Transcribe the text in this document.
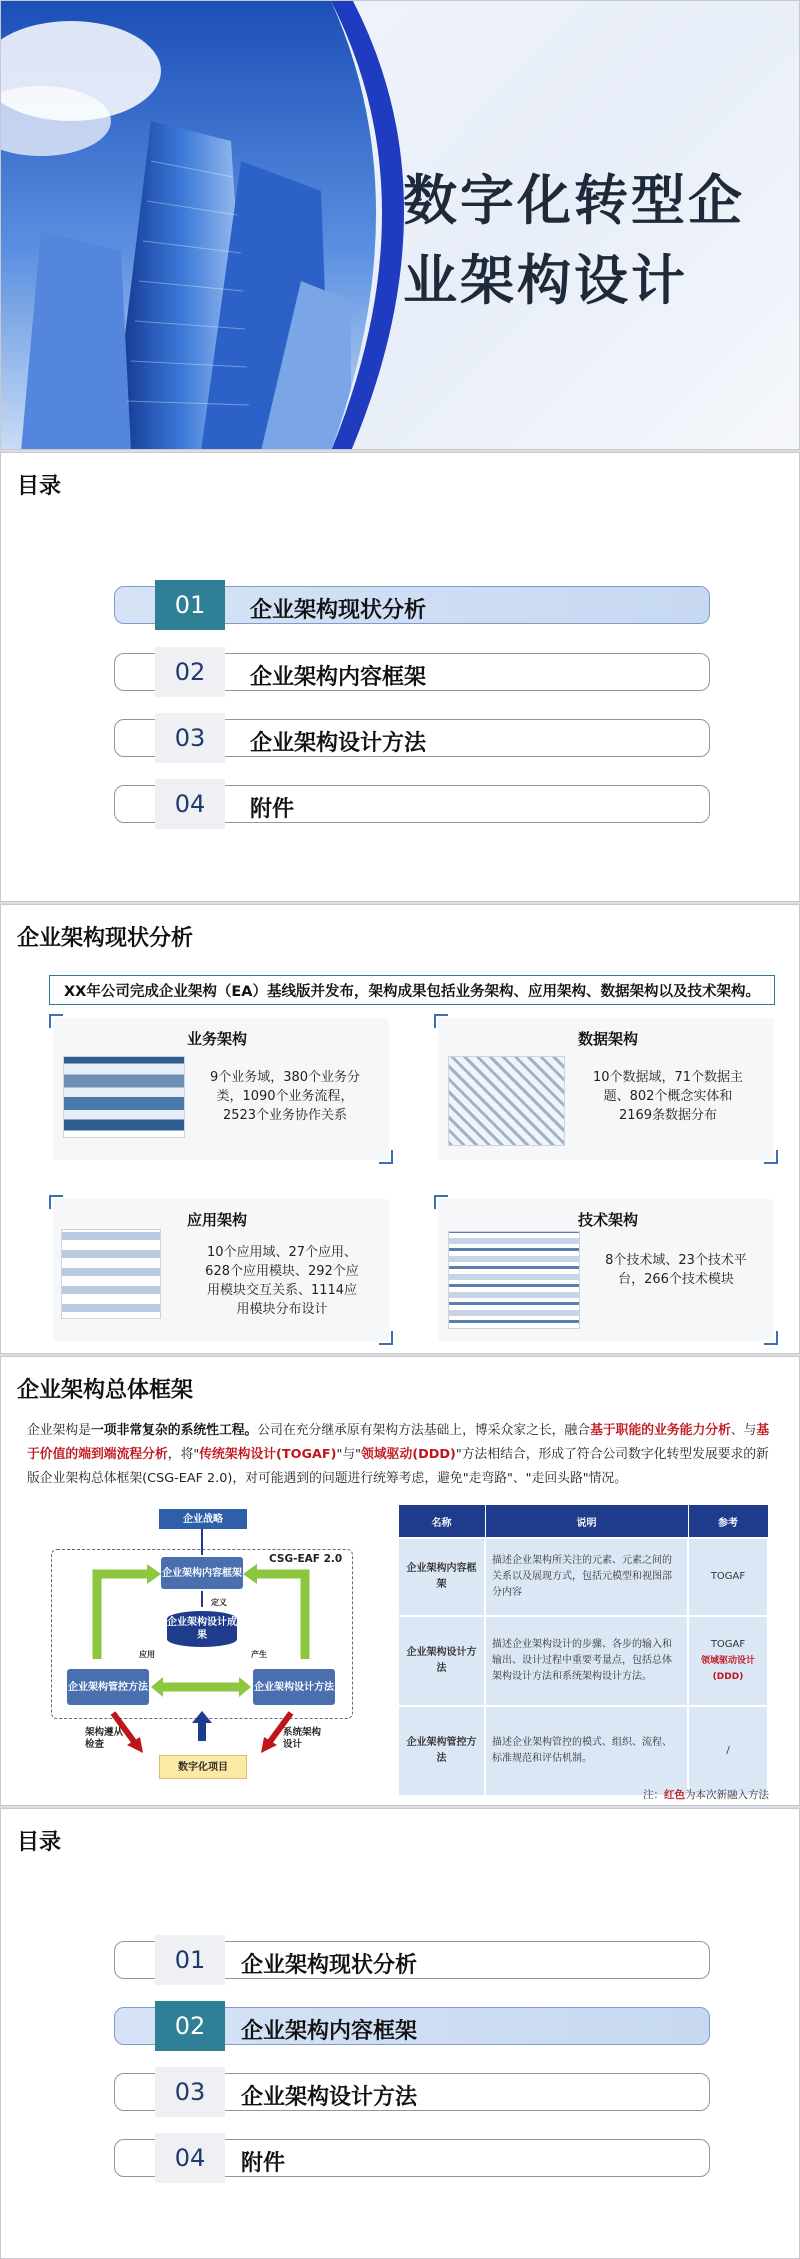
数字化转型企
业架构设计
目录
01	企业架构现状分析
02	企业架构内容框架
03	企业架构设计方法
04	附件
企业架构现状分析
XX年公司完成企业架构（EA）基线版并发布，架构成果包括业务架构、应用架构、数据架构以及技术架构。
业务架构
9个业务域，380个业务分
类，1090个业务流程，
2523个业务协作关系
数据架构
10个数据域，71个数据主
题、802个概念实体和
2169条数据分布
应用架构
10个应用域、27个应用、
628个应用模块、292个应
用模块交互关系、1114应
用模块分布设计
技术架构
8个技术域、23个技术平
台，266个技术模块
企业架构总体框架
企业架构是一项非常复杂的系统性工程。公司在充分继承原有架构方法基础上，博采众家之长，融合基于职能的业务能力分析、与基于价值的端到端流程分析，将"传统架构设计(TOGAF)"与"领域驱动(DDD)"方法相结合，形成了符合公司数字化转型发展要求的新版企业架构总体框架(CSG-EAF 2.0)，对可能遇到的问题进行统筹考虑，避免"走弯路"、"走回头路"情况。
企业战略
CSG-EAF 2.0
企业架构内容框架
定义
企业架构设计成果
应用	产生
企业架构管控方法	企业架构设计方法
架构遵从检查
系统架构设计
数字化项目
名称	说明	参考
企业架构内容框架	描述企业架构所关注的元素、元素之间的关系以及展现方式，包括元模型和视图部分内容	TOGAF

企业架构设计方法	描述企业架构设计的步骤、各步的输入和输出、设计过程中重要考量点，包括总体架构设计方法和系统架构设计方法。	TOGAF
领域驱动设计(DDD)

企业架构管控方法	描述企业架构管控的模式、组织、流程、标准规范和评估机制。	/
注：红色为本次新融入方法
目录
01	企业架构现状分析
02	企业架构内容框架
03	企业架构设计方法
04	附件
